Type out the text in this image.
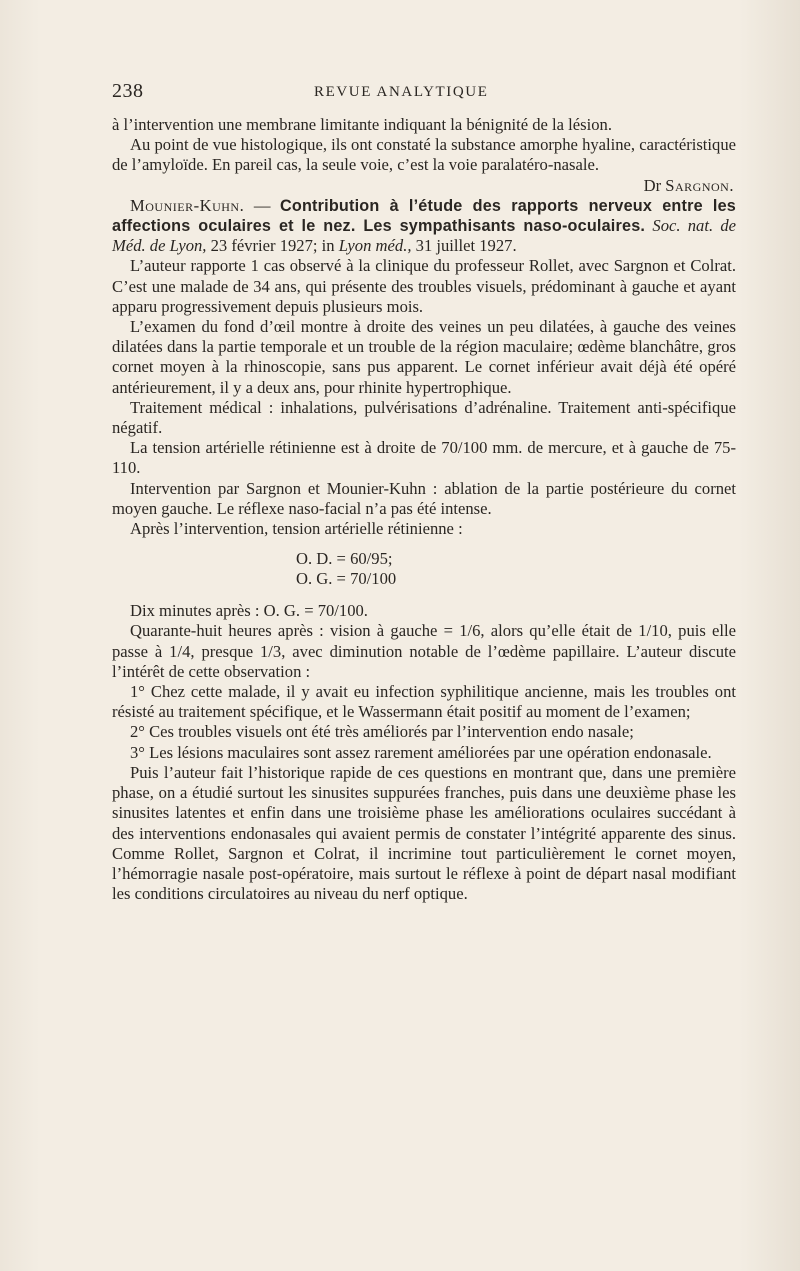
238	REVUE ANALYTIQUE

à l’intervention une membrane limitante indiquant la bénignité de la lésion.

Au point de vue histologique, ils ont constaté la substance amorphe hyaline, caractéristique de l’amyloïde. En pareil cas, la seule voie, c’est la voie paralatéro-nasale.

Dr Sargnon.

Mounier-Kuhn. — Contribution à l’étude des rapports nerveux entre les affections oculaires et le nez. Les sympathisants naso-oculaires. Soc. nat. de Méd. de Lyon, 23 février 1927; in Lyon méd., 31 juillet 1927.

L’auteur rapporte 1 cas observé à la clinique du professeur Rollet, avec Sargnon et Colrat. C’est une malade de 34 ans, qui présente des troubles visuels, prédominant à gauche et ayant apparu progressivement depuis plusieurs mois.

L’examen du fond d’œil montre à droite des veines un peu dilatées, à gauche des veines dilatées dans la partie temporale et un trouble de la région maculaire; œdème blanchâtre, gros cornet moyen à la rhinoscopie, sans pus apparent. Le cornet inférieur avait déjà été opéré antérieurement, il y a deux ans, pour rhinite hypertrophique.

Traitement médical : inhalations, pulvérisations d’adrénaline. Traitement anti-spécifique négatif.

La tension artérielle rétinienne est à droite de 70/100 mm. de mercure, et à gauche de 75-110.

Intervention par Sargnon et Mounier-Kuhn : ablation de la partie postérieure du cornet moyen gauche. Le réflexe naso-facial n’a pas été intense.

Après l’intervention, tension artérielle rétinienne :

O. D. = 60/95;
O. G. = 70/100

Dix minutes après : O. G. = 70/100.

Quarante-huit heures après : vision à gauche = 1/6, alors qu’elle était de 1/10, puis elle passe à 1/4, presque 1/3, avec diminution notable de l’œdème papillaire. L’auteur discute l’intérêt de cette observation :

1° Chez cette malade, il y avait eu infection syphilitique ancienne, mais les troubles ont résisté au traitement spécifique, et le Wassermann était positif au moment de l’examen;

2° Ces troubles visuels ont été très améliorés par l’intervention endo nasale;

3° Les lésions maculaires sont assez rarement améliorées par une opération endonasale.

Puis l’auteur fait l’historique rapide de ces questions en montrant que, dans une première phase, on a étudié surtout les sinusites suppurées franches, puis dans une deuxième phase les sinusites latentes et enfin dans une troisième phase les améliorations oculaires succédant à des interventions endonasales qui avaient permis de constater l’intégrité apparente des sinus. Comme Rollet, Sargnon et Colrat, il incrimine tout particulièrement le cornet moyen, l’hémorragie nasale post-opératoire, mais surtout le réflexe à point de départ nasal modifiant les conditions circulatoires au niveau du nerf optique.
